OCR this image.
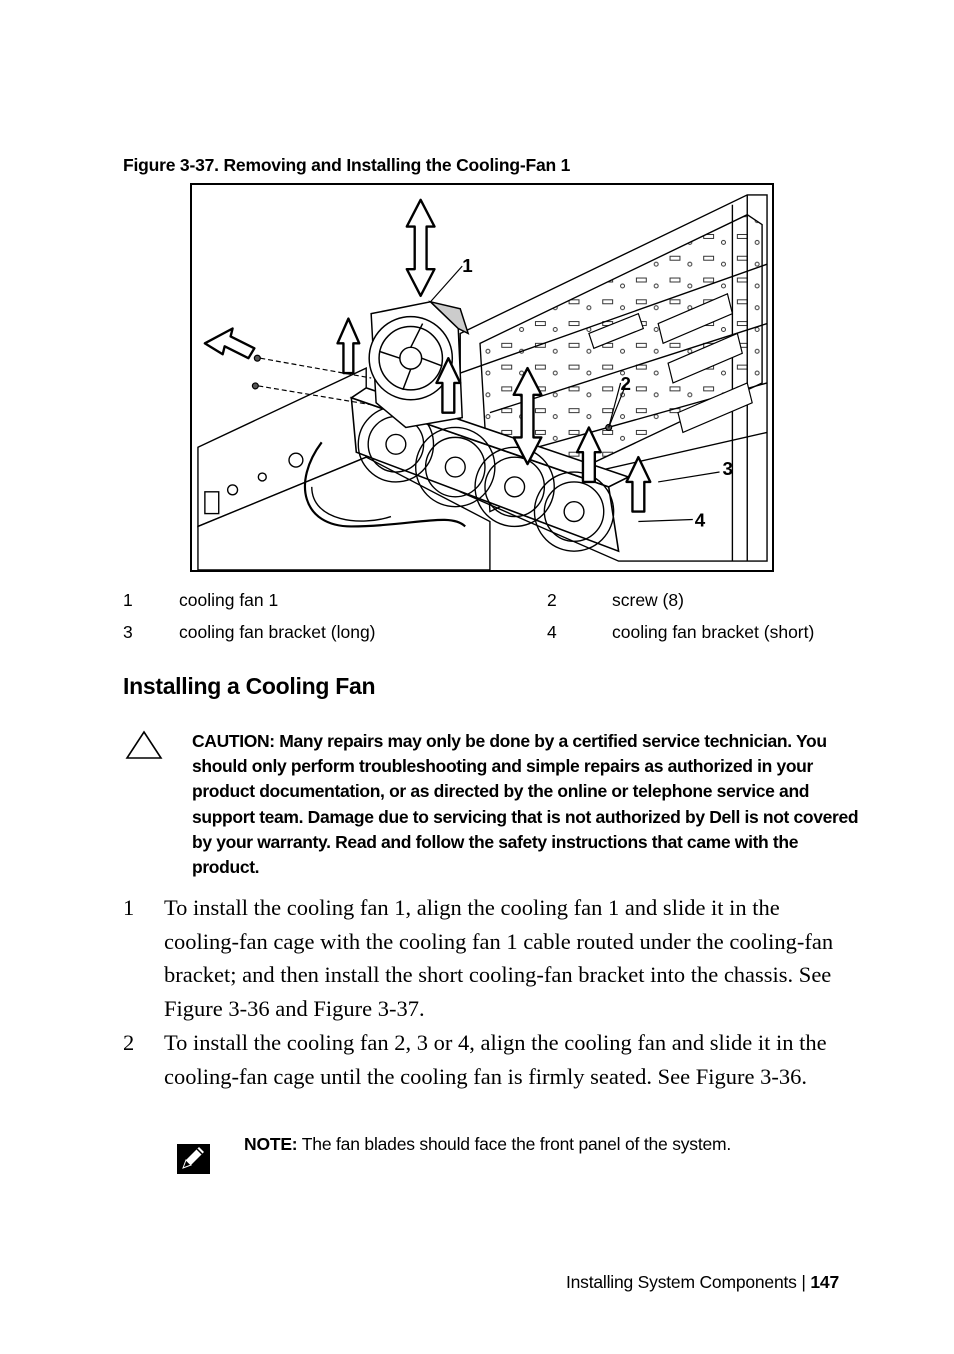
Figure 3-37. Removing and Installing the Cooling-Fan 1
1
2
3
4
1	cooling fan 1	2	screw (8)
3	cooling fan bracket (long)	4	cooling fan bracket (short)
Installing a Cooling Fan
CAUTION: Many repairs may only be done by a certified service technician. You should only perform troubleshooting and simple repairs as authorized in your product documentation, or as directed by the online or telephone service and support team. Damage due to servicing that is not authorized by Dell is not covered by your warranty. Read and follow the safety instructions that came with the product.
1 To install the cooling fan 1, align the cooling fan 1 and slide it in the cooling-fan cage with the cooling fan 1 cable routed under the cooling-fan bracket; and then install the short cooling-fan bracket into the chassis. See Figure 3-36 and Figure 3-37.
2 To install the cooling fan 2, 3 or 4, align the cooling fan and slide it in the cooling-fan cage until the cooling fan is firmly seated. See Figure 3-36.
NOTE: The fan blades should face the front panel of the system.
Installing System Components | 147
